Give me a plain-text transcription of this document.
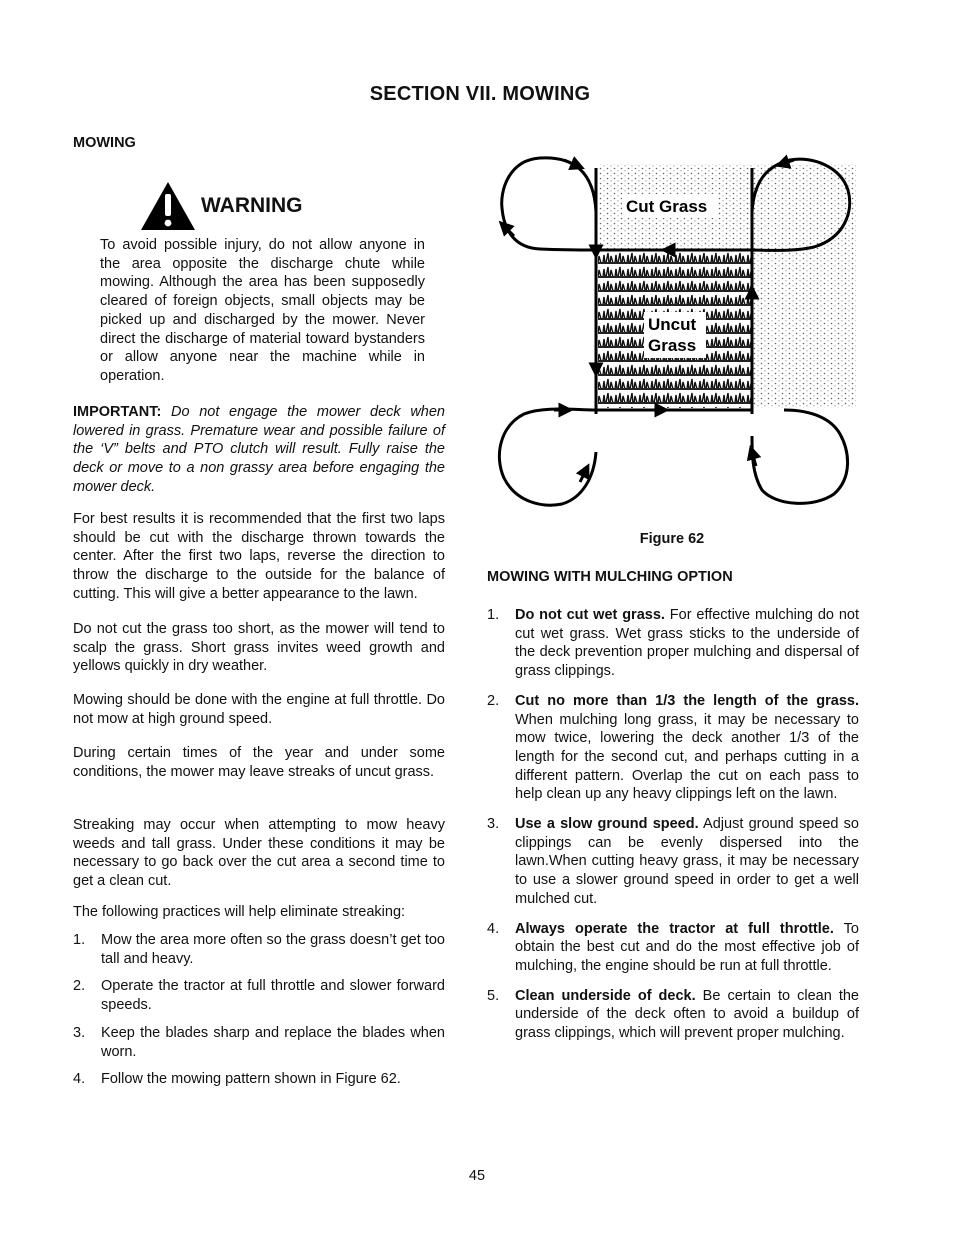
SECTION VII. MOWING
MOWING
WARNING

To avoid possible injury, do not allow anyone in the area opposite the discharge chute while mowing. Although the area has been supposedly cleared of foreign objects, small objects may be picked up and discharged by the mower. Never direct the discharge of material toward bystanders or allow anyone near the machine while in operation.

IMPORTANT: Do not engage the mower deck when lowered in grass. Premature wear and possible failure of the ‘V” belts and PTO clutch will result. Fully raise the deck or move to a non grassy area before engaging the mower deck.

For best results it is recommended that the first two laps should be cut with the discharge thrown towards the center. After the first two laps, reverse the direction to throw the discharge to the outside for the balance of cutting. This will give a better appearance to the lawn.

Do not cut the grass too short, as the mower will tend to scalp the grass. Short grass invites weed growth and yellows quickly in dry weather.

Mowing should be done with the engine at full throttle. Do not mow at high ground speed.

During certain times of the year and under some conditions, the mower may leave streaks of uncut grass.

Streaking may occur when attempting to mow heavy weeds and tall grass. Under these conditions it may be necessary to go back over the cut area a second time to get a clean cut.

The following practices will help eliminate streaking:

1. Mow the area more often so the grass doesn’t get too tall and heavy.
2. Operate the tractor at full throttle and slower forward speeds.
3. Keep the blades sharp and replace the blades when worn.
4. Follow the mowing pattern shown in Figure 62.
Cut Grass
Uncut
Grass
Figure 62
MOWING WITH MULCHING OPTION
1. Do not cut wet grass. For effective mulching do not cut wet grass. Wet grass sticks to the underside of the deck prevention proper mulching and dispersal of grass clippings.
2. Cut no more than 1/3 the length of the grass. When mulching long grass, it may be necessary to mow twice, lowering the deck another 1/3 of the length for the second cut, and perhaps cutting in a different pattern. Overlap the cut on each pass to help clean up any heavy clippings left on the lawn.
3. Use a slow ground speed. Adjust ground speed so clippings can be evenly dispersed into the lawn.When cutting heavy grass, it may be necessary to use a slower ground speed in order to get a well mulched cut.
4. Always operate the tractor at full throttle. To obtain the best cut and do the most effective job of mulching, the engine should be run at full throttle.
5. Clean underside of deck. Be certain to clean the underside of the deck often to avoid a buildup of grass clippings, which will prevent proper mulching.
45
